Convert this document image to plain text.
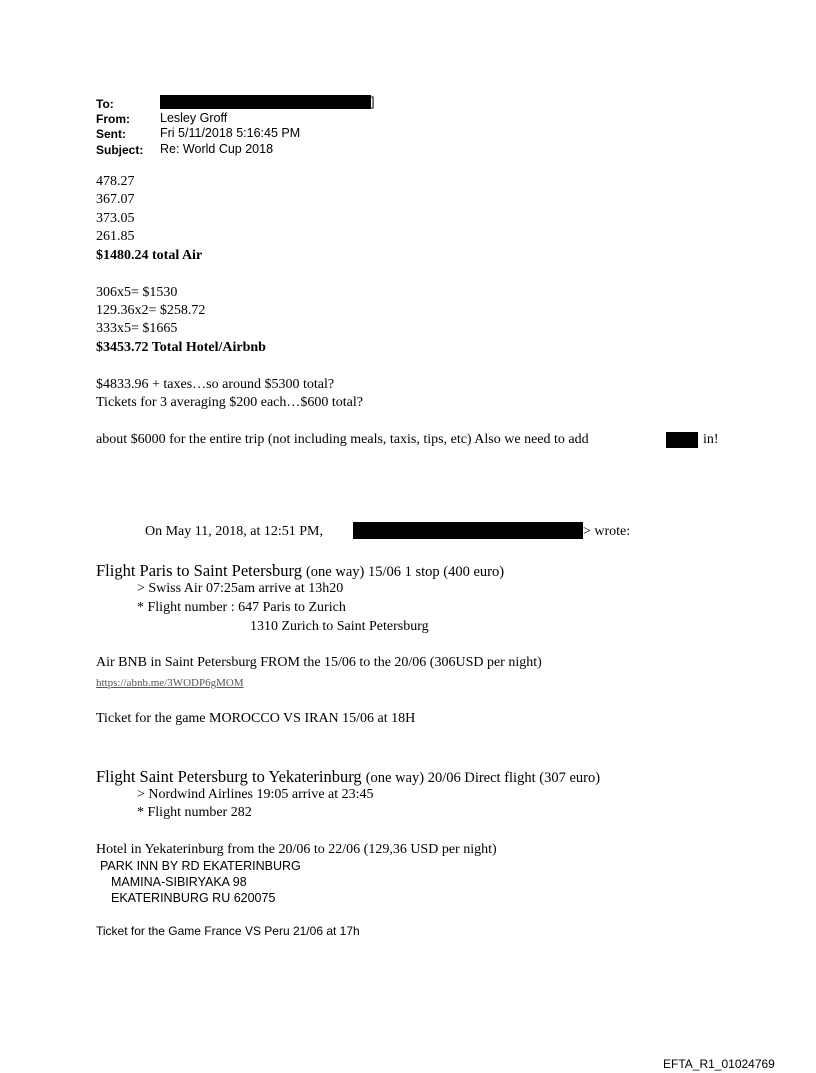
To:	]
From: Lesley Groff
Sent:	Fri 5/11/2018 5:16:45 PM
Subject: Re: World Cup 2018
478.27
367.07
373.05
261.85
$1480.24 total Air
306x5= $1530
129.36x2= $258.72
333x5= $1665
$3453.72 Total Hotel/Airbnb
$4833.96 + taxes…so around $5300 total?
Tickets for 3 averaging $200 each…$600 total?
about $6000 for the entire trip (not including meals, taxis, tips, etc) Also we need to add	in!
On May 11, 2018, at 12:51 PM,	> wrote:
Flight Paris to Saint Petersburg (one way) 15/06 1 stop (400 euro)
> Swiss Air 07:25am arrive at 13h20
* Flight number : 647 Paris to Zurich
1310 Zurich to Saint Petersburg
Air BNB in Saint Petersburg FROM the 15/06 to the 20/06 (306USD per night)
https://abnb.me/3WODP6gMOM
Ticket for the game MOROCCO VS IRAN 15/06 at 18H
Flight Saint Petersburg to Yekaterinburg (one way) 20/06 Direct flight (307 euro)
> Nordwind Airlines 19:05 arrive at 23:45
* Flight number 282
Hotel in Yekaterinburg from the 20/06 to 22/06 (129,36 USD per night)
PARK INN BY RD EKATERINBURG
MAMINA-SIBIRYAKA 98
EKATERINBURG RU 620075
Ticket for the Game France VS Peru 21/06 at 17h
EFTA_R1_01024769
